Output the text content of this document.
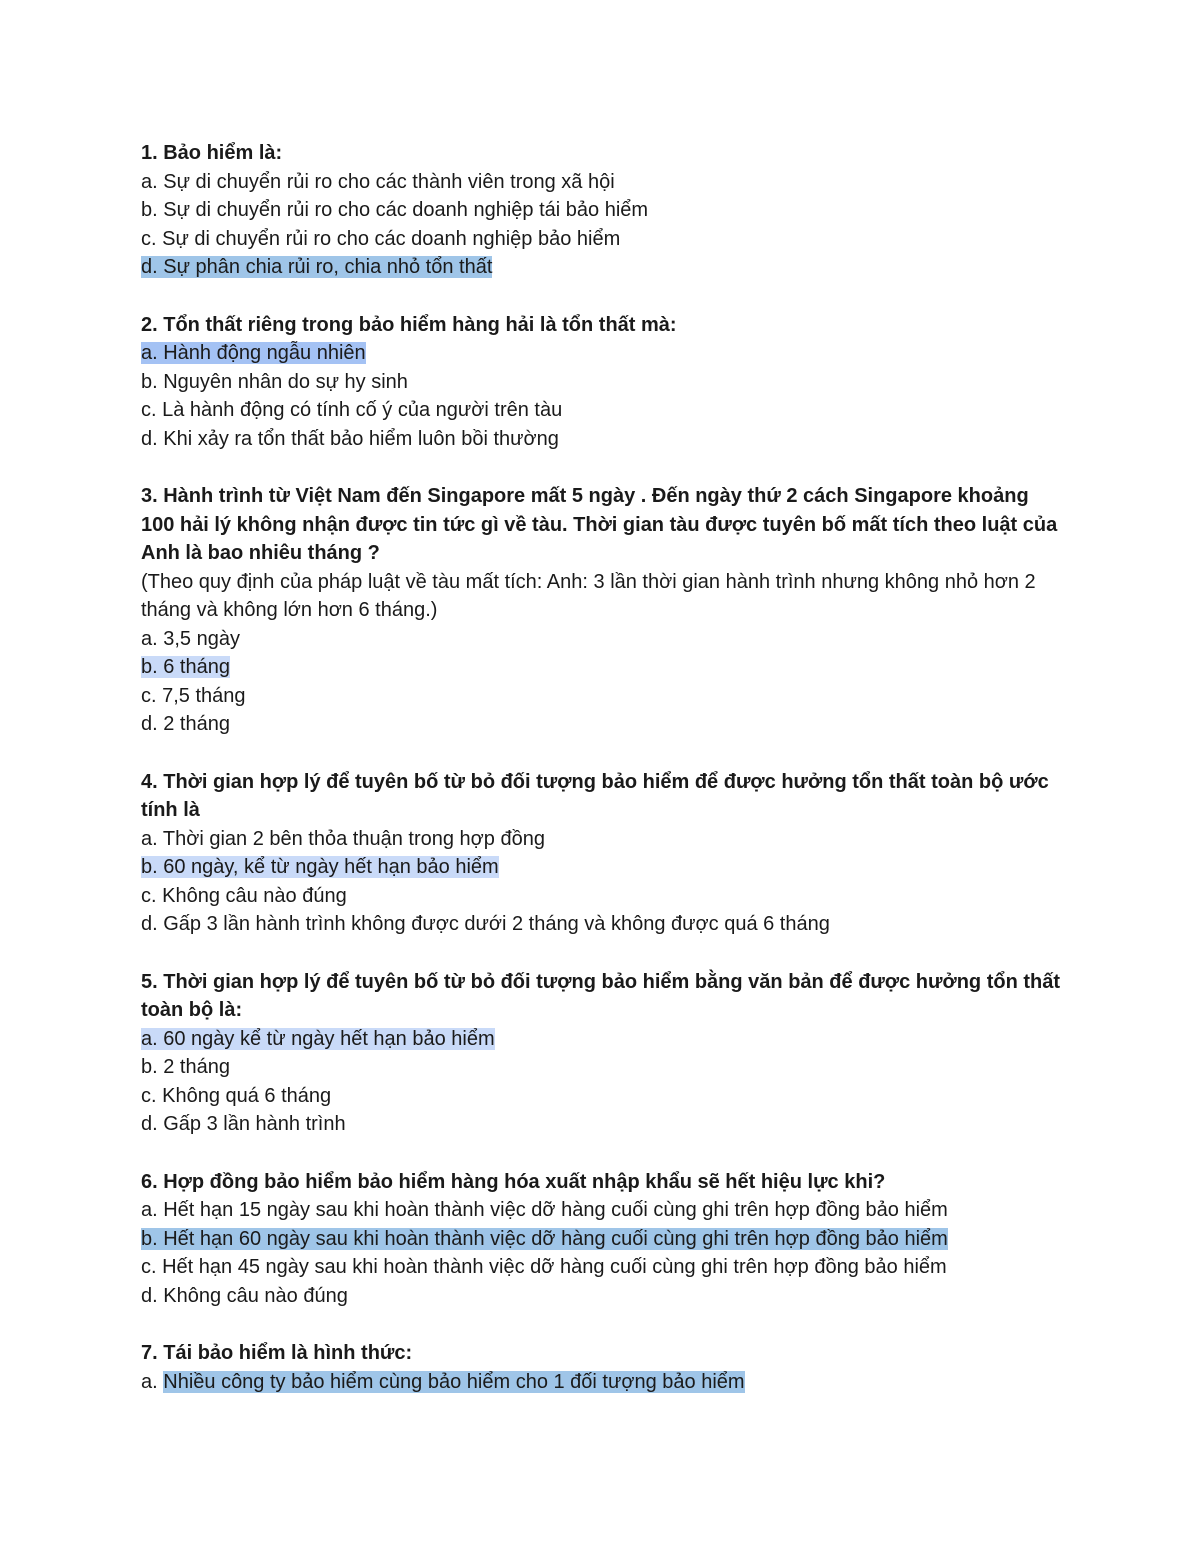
1. Bảo hiểm là:

a. Sự di chuyển rủi ro cho các thành viên trong xã hội

b. Sự di chuyển rủi ro cho các doanh nghiệp tái bảo hiểm

c. Sự di chuyển rủi ro cho các doanh nghiệp bảo hiểm

d. Sự phân chia rủi ro, chia nhỏ tổn thất

2. Tổn thất riêng trong bảo hiểm hàng hải là tổn thất mà:

a. Hành động ngẫu nhiên

b. Nguyên nhân do sự hy sinh

c. Là hành động có tính cố ý của người trên tàu

d. Khi xảy ra tổn thất bảo hiểm luôn bồi thường

3. Hành trình từ Việt Nam đến Singapore mất 5 ngày . Đến ngày thứ 2 cách Singapore khoảng 100 hải lý không nhận được tin tức gì về tàu. Thời gian tàu được tuyên bố mất tích theo luật của Anh là bao nhiêu tháng ?

(Theo quy định của pháp luật về tàu mất tích: Anh: 3 lần thời gian hành trình nhưng không nhỏ hơn 2 tháng và không lớn hơn 6 tháng.)

a. 3,5 ngày

b. 6 tháng

c. 7,5 tháng

d. 2 tháng

4. Thời gian hợp lý để tuyên bố từ bỏ đối tượng bảo hiểm để được hưởng tổn thất toàn bộ ước tính là

a. Thời gian 2 bên thỏa thuận trong hợp đồng

b. 60 ngày, kể từ ngày hết hạn bảo hiểm

c. Không câu nào đúng

d. Gấp 3 lần hành trình không được dưới 2 tháng và không được quá 6 tháng

5. Thời gian hợp lý để tuyên bố từ bỏ đối tượng bảo hiểm bằng văn bản để được hưởng tổn thất toàn bộ là:

a. 60 ngày kể từ ngày hết hạn bảo hiểm

b. 2 tháng

c. Không quá 6 tháng

d. Gấp 3 lần hành trình

6. Hợp đồng bảo hiểm bảo hiểm hàng hóa xuất nhập khẩu sẽ hết hiệu lực khi?

a. Hết hạn 15 ngày sau khi hoàn thành việc dỡ hàng cuối cùng ghi trên hợp đồng bảo hiểm

b. Hết hạn 60 ngày sau khi hoàn thành việc dỡ hàng cuối cùng ghi trên hợp đồng bảo hiểm

c. Hết hạn 45 ngày sau khi hoàn thành việc dỡ hàng cuối cùng ghi trên hợp đồng bảo hiểm

d. Không câu nào đúng

7. Tái bảo hiểm là hình thức:

a. Nhiều công ty bảo hiểm cùng bảo hiểm cho 1 đối tượng bảo hiểm
